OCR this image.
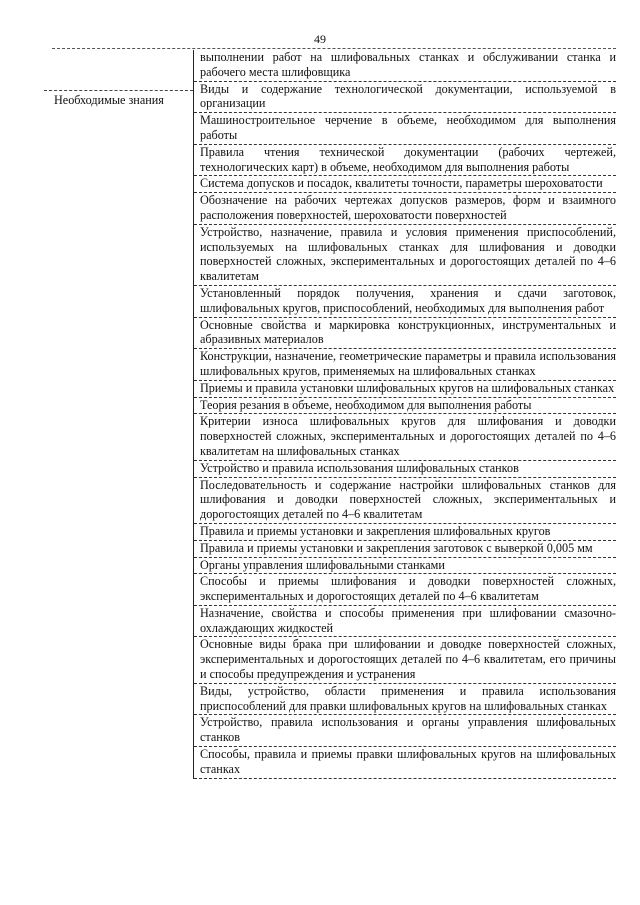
49
Необходимые знания
выполнении работ на шлифовальных станках и обслуживании станка и рабочего места шлифовщика
Виды и содержание технологической документации, используемой в организации
Машиностроительное черчение в объеме, необходимом для выполнения работы
Правила чтения технической документации (рабочих чертежей, технологических карт) в объеме, необходимом для выполнения работы
Система допусков и посадок, квалитеты точности, параметры шероховатости
Обозначение на рабочих чертежах допусков размеров, форм и взаимного расположения поверхностей, шероховатости поверхностей
Устройство, назначение, правила и условия применения приспособлений, используемых на шлифовальных станках для шлифования и доводки поверхностей сложных, экспериментальных и дорогостоящих деталей по 4–6 квалитетам
Установленный порядок получения, хранения и сдачи заготовок, шлифовальных кругов, приспособлений, необходимых для выполнения работ
Основные свойства и маркировка конструкционных, инструментальных и абразивных материалов
Конструкции, назначение, геометрические параметры и правила использования шлифовальных кругов, применяемых на шлифовальных станках
Приемы и правила установки шлифовальных кругов на шлифовальных станках
Теория резания в объеме, необходимом для выполнения работы
Критерии износа шлифовальных кругов для шлифования и доводки поверхностей сложных, экспериментальных и дорогостоящих деталей по 4–6 квалитетам на шлифовальных станках
Устройство и правила использования шлифовальных станков
Последовательность и содержание настройки шлифовальных станков для шлифования и доводки поверхностей сложных, экспериментальных и дорогостоящих деталей по 4–6 квалитетам
Правила и приемы установки и закрепления шлифовальных кругов
Правила и приемы установки и закрепления заготовок с выверкой 0,005 мм
Органы управления шлифовальными станками
Способы и приемы шлифования и доводки поверхностей сложных, экспериментальных и дорогостоящих деталей по 4–6 квалитетам
Назначение, свойства и способы применения при шлифовании смазочно-охлаждающих жидкостей
Основные виды брака при шлифовании и доводке поверхностей сложных, экспериментальных и дорогостоящих деталей по 4–6 квалитетам, его причины и способы предупреждения и устранения
Виды, устройство, области применения и правила использования приспособлений для правки шлифовальных кругов на шлифовальных станках
Устройство, правила использования и органы управления шлифовальных станков
Способы, правила и приемы правки шлифовальных кругов на шлифовальных станках
